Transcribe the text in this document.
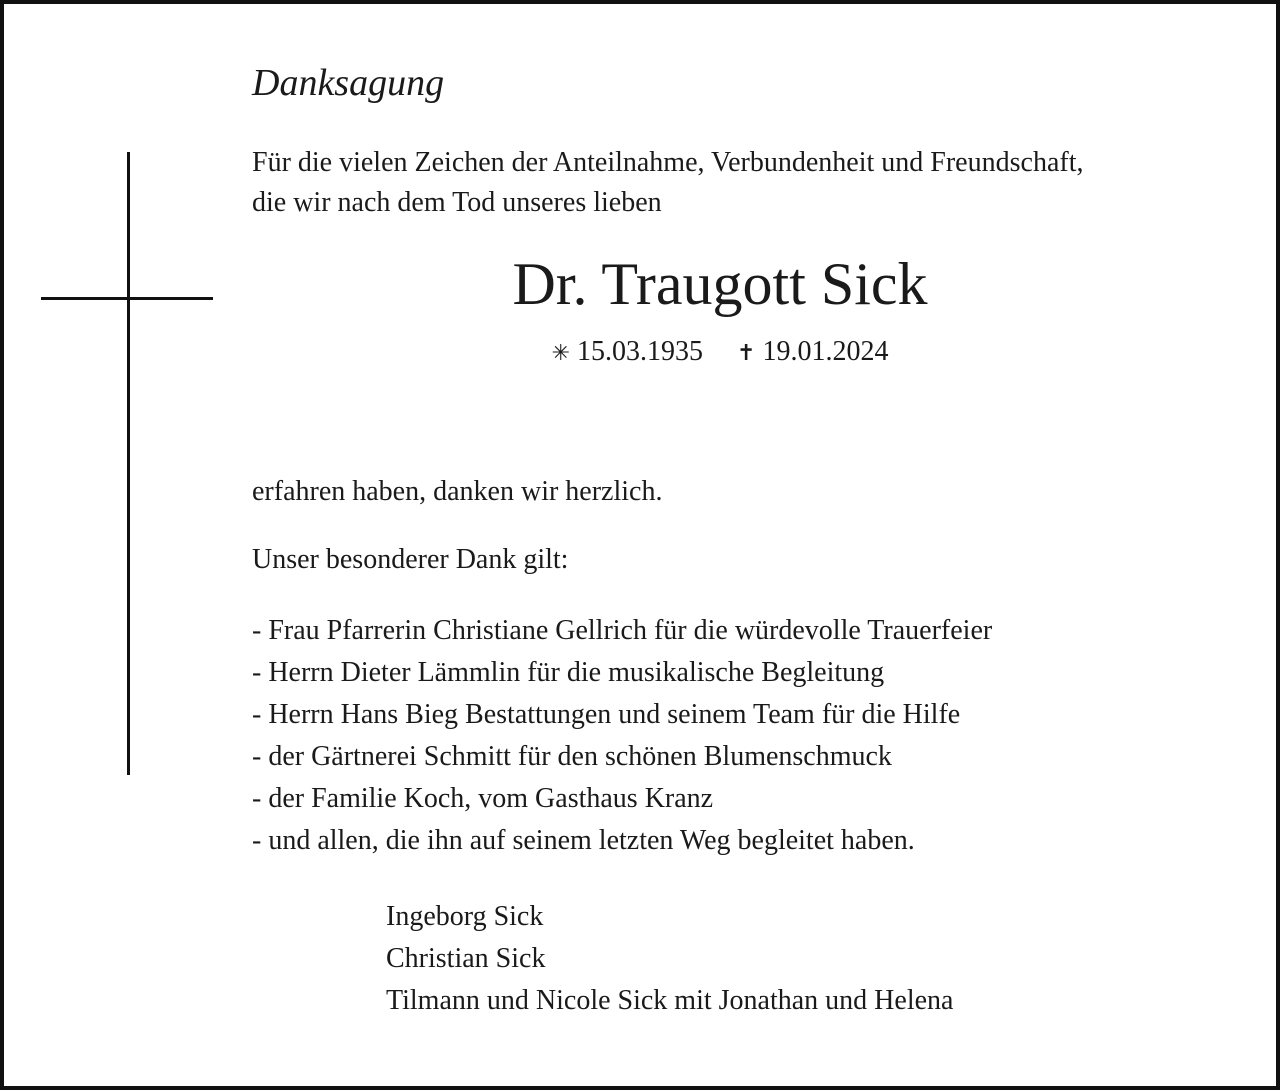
Danksagung
Für die vielen Zeichen der Anteilnahme, Verbundenheit und Freundschaft,
die wir nach dem Tod unseres lieben
Dr. Traugott Sick
✳ 15.03.1935 ✝ 19.01.2024
erfahren haben, danken wir herzlich.
Unser besonderer Dank gilt:
- Frau Pfarrerin Christiane Gellrich für die würdevolle Trauerfeier
- Herrn Dieter Lämmlin für die musikalische Begleitung
- Herrn Hans Bieg Bestattungen und seinem Team für die Hilfe
- der Gärtnerei Schmitt für den schönen Blumenschmuck
- der Familie Koch, vom Gasthaus Kranz
- und allen, die ihn auf seinem letzten Weg begleitet haben.
Ingeborg Sick
Christian Sick
Tilmann und Nicole Sick mit Jonathan und Helena
